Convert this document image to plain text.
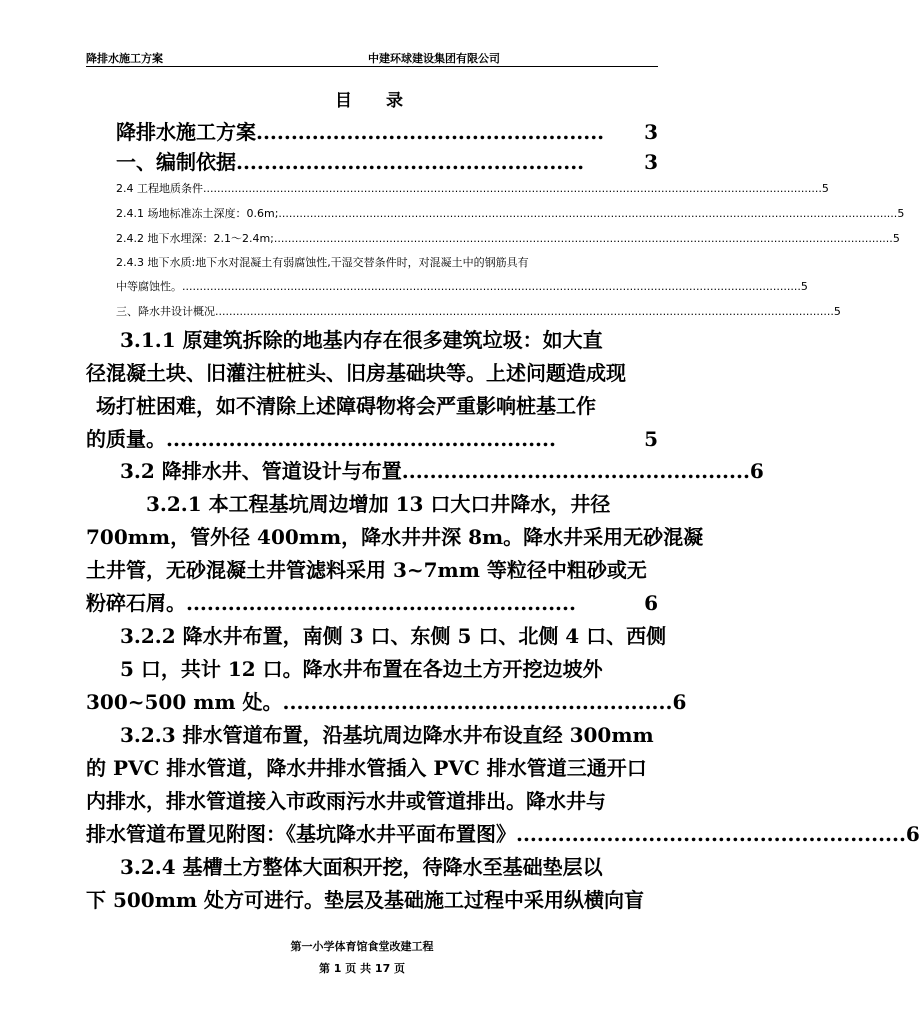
降排水施工方案	中建环球建设集团有限公司
目 录
降排水施工方案 ..................................................	3
一、编制依据 ..................................................	3
2.4 工程地质条件 ................................................................................................................................................................................. 5
2.4.1 场地标准冻土深度：0.6m; ................................................................................................................................................................................. 5
2.4.2 地下水埋深：2.1～2.4m; ................................................................................................................................................................................. 5
2.4.3 地下水质:地下水对混凝土有弱腐蚀性,干湿交替条件时，对混凝土中的钢筋具有
中等腐蚀性。 ................................................................................................................................................................................. 5
三、降水井设计概况 ................................................................................................................................................................................. 5
3.1.1 原建筑拆除的地基内存在很多建筑垃圾：如大直
径混凝土块、旧灌注桩桩头、旧房基础块等。上述问题造成现
场打桩困难，如不清除上述障碍物将会严重影响桩基工作
的质量。 ........................................................	5
3.2 降排水井、管道设计与布置 .................................................. 6
3.2.1 本工程基坑周边增加 13 口大口井降水，井径
700mm，管外径 400mm，降水井井深 8m。降水井采用无砂混凝
土井管，无砂混凝土井管滤料采用 3~7mm 等粒径中粗砂或无
粉碎石屑。 ........................................................	6
3.2.2 降水井布置，南侧 3 口、东侧 5 口、北侧 4 口、西侧
5 口，共计 12 口。降水井布置在各边土方开挖边坡外
300~500 mm 处。 ........................................................ 6
3.2.3 排水管道布置，沿基坑周边降水井布设直经 300mm
的 PVC 排水管道，降水井排水管插入 PVC 排水管道三通开口
内排水，排水管道接入市政雨污水井或管道排出。降水井与
排水管道布置见附图：《基坑降水井平面布置图》 ........................................................ 6
3.2.4 基槽土方整体大面积开挖，待降水至基础垫层以
下 500mm 处方可进行。垫层及基础施工过程中采用纵横向盲
第一小学体育馆食堂改建工程
第 1 页 共 17 页
